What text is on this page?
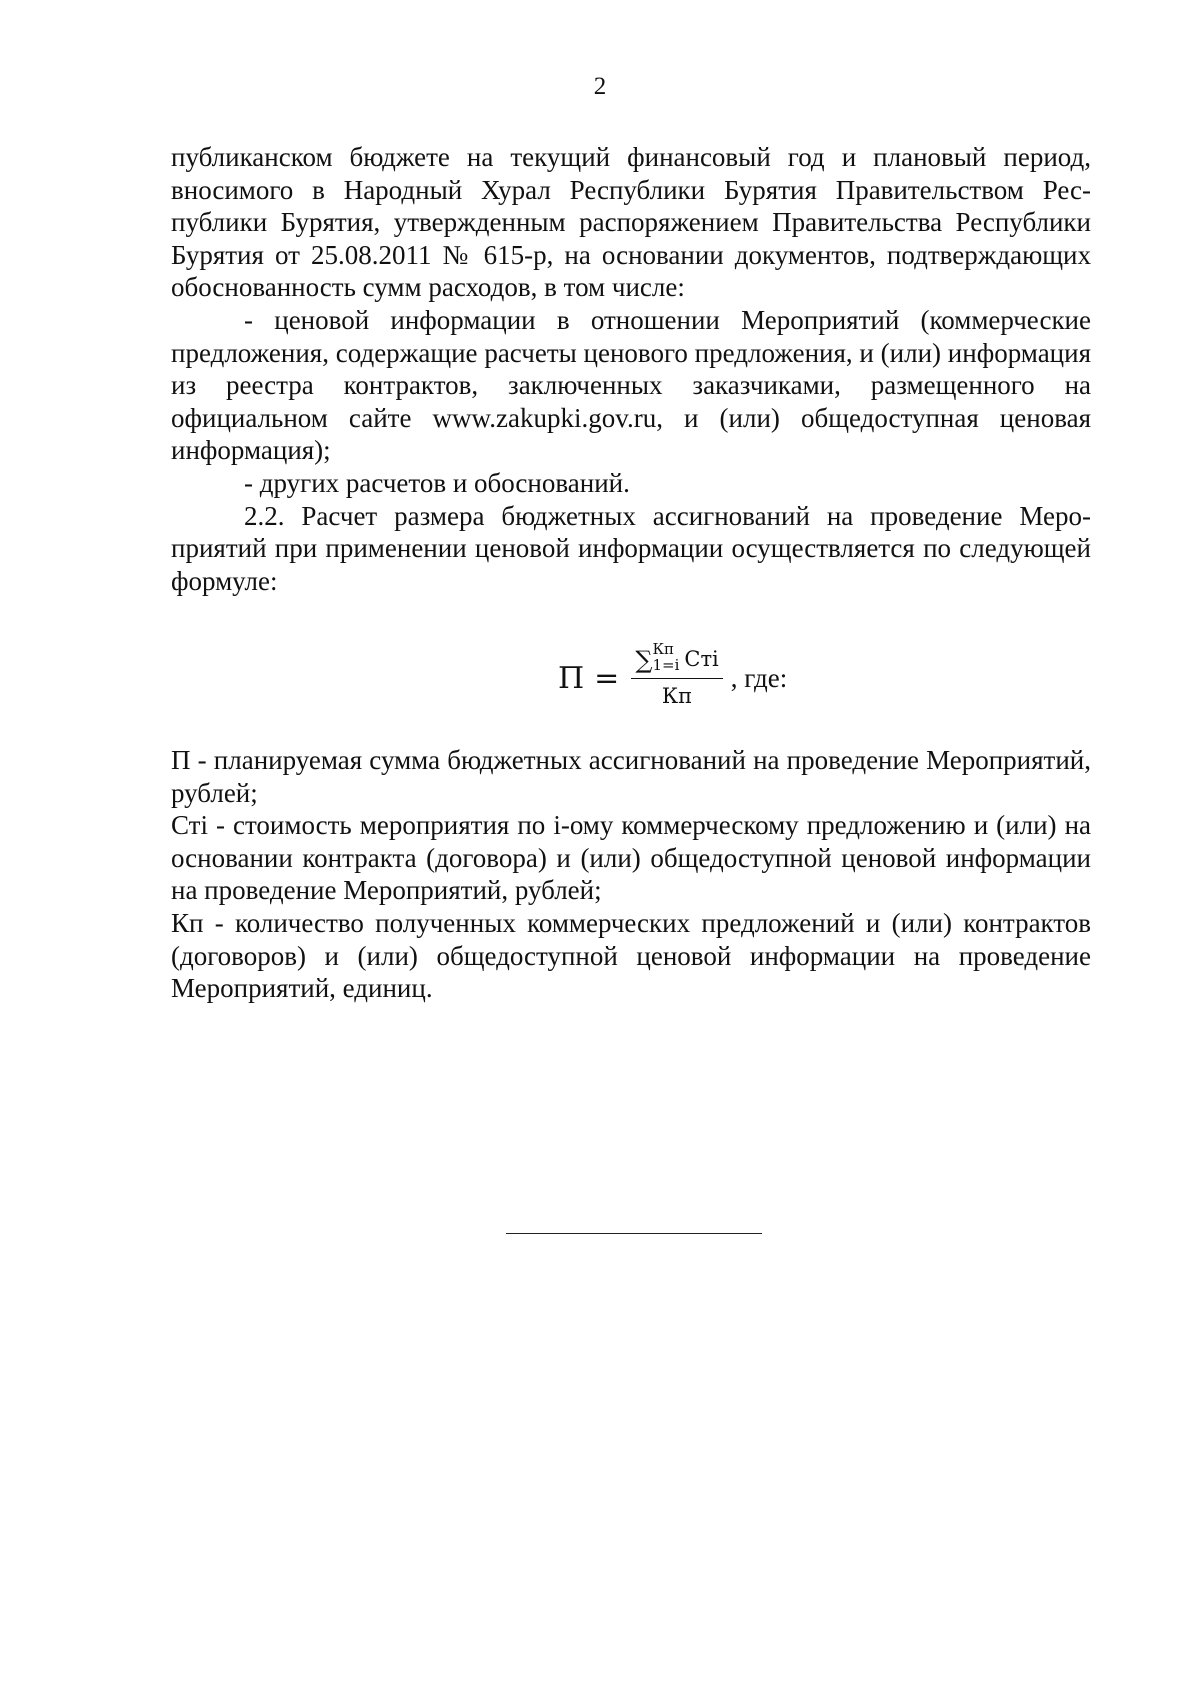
2

публиканском бюджете на текущий финансовый год и плановый период, вносимого в Народный Хурал Республики Бурятия Правительством Республики Бурятия, утвержденным распоряжением Правительства Республики Бурятия от 25.08.2011 № 615-р, на основании документов, подтверждающих обоснованность сумм расходов, в том числе:

- ценовой информации в отношении Мероприятий (коммерческие предложения, содержащие расчеты ценового предложения, и (или) информация из реестра контрактов, заключенных заказчиками, размещенного на официальном сайте www.zakupki.gov.ru, и (или) общедоступная ценовая информация);

- других расчетов и обоснований.

2.2. Расчет размера бюджетных ассигнований на проведение Мероприятий при применении ценовой информации осуществляется по следующей формуле:

П =
∑ Кп
1=i Стi
Кп
, где:

П - планируемая сумма бюджетных ассигнований на проведение Мероприятий, рублей;

Стi - стоимость мероприятия по i-ому коммерческому предложению и (или) на основании контракта (договора) и (или) общедоступной ценовой информации на проведение Мероприятий, рублей;

Кп - количество полученных коммерческих предложений и (или) контрактов (договоров) и (или) общедоступной ценовой информации на проведение Мероприятий, единиц.
